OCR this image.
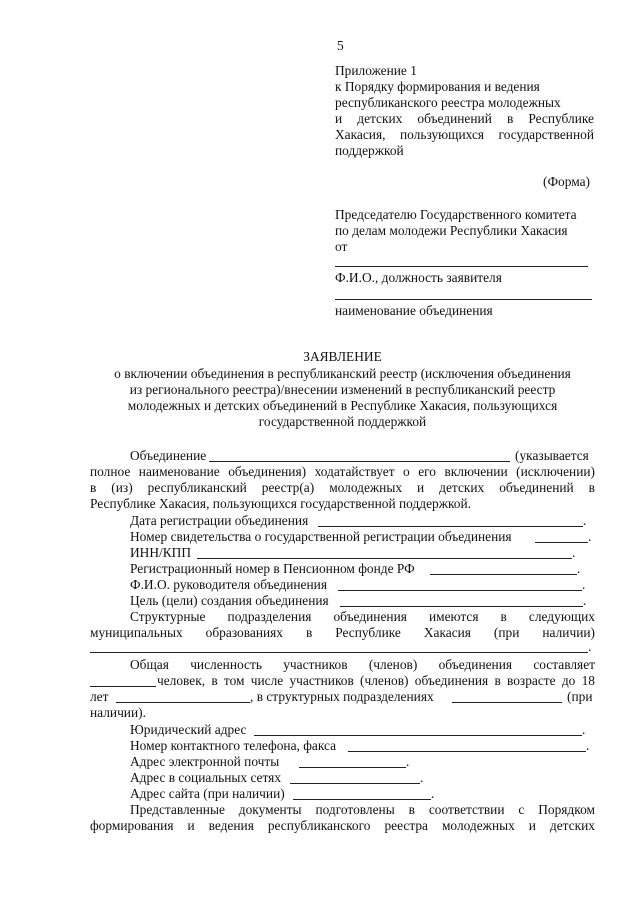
5
Приложение 1
к Порядку формирования и ведения
республиканского реестра молодежных
и детских объединений в Республике
Хакасия, пользующихся государственной
поддержкой
(Форма)
Председателю Государственного комитета
по делам молодежи Республики Хакасия
от
Ф.И.О., должность заявителя
наименование объединения
ЗАЯВЛЕНИЕ
о включении объединения в республиканский реестр (исключения объединения
из регионального реестра)/внесении изменений в республиканский реестр
молодежных и детских объединений в Республике Хакасия, пользующихся
государственной поддержкой
Объединение	(указывается
полное наименование объединения) ходатайствует о его включении (исключении)
в (из) республиканский реестр(а) молодежных и детских объединений в
Республике Хакасия, пользующихся государственной поддержкой.
Дата регистрации объединения	.
Номер свидетельства о государственной регистрации объединения	.
ИНН/КПП	.
Регистрационный номер в Пенсионном фонде РФ	.
Ф.И.О. руководителя объединения	.
Цель (цели) создания объединения	.
Структурные подразделения объединения имеются в следующих
муниципальных образованиях в Республике Хакасия (при наличии)
.
Общая численность участников (членов) объединения составляет
человек, в том числе участников (членов) объединения в возрасте до 18
лет	, в структурных подразделениях	(при
наличии).
Юридический адрес	.
Номер контактного телефона, факса	.
Адрес электронной почты	.
Адрес в социальных сетях	.
Адрес сайта (при наличии)	.
Представленные документы подготовлены в соответствии с Порядком
формирования и ведения республиканского реестра молодежных и детских
